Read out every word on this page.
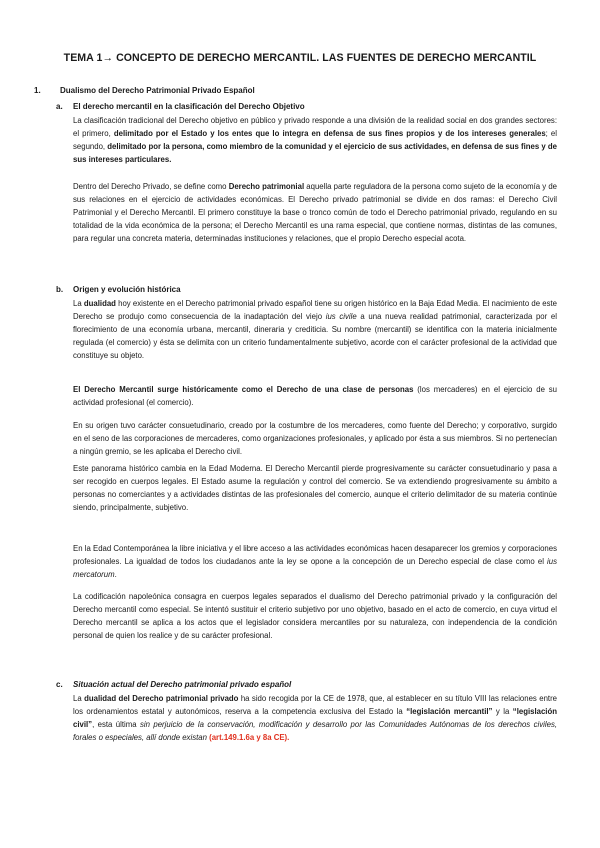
TEMA 1→ CONCEPTO DE DERECHO MERCANTIL. LAS FUENTES DE DERECHO MERCANTIL
1. Dualismo del Derecho Patrimonial Privado Español
a. El derecho mercantil en la clasificación del Derecho Objetivo

La clasificación tradicional del Derecho objetivo en público y privado responde a una división de la realidad social en dos grandes sectores: el primero, delimitado por el Estado y los entes que lo integra en defensa de sus fines propios y de los intereses generales; el segundo, delimitado por la persona, como miembro de la comunidad y el ejercicio de sus actividades, en defensa de sus fines y de sus intereses particulares.

Dentro del Derecho Privado, se define como Derecho patrimonial aquella parte reguladora de la persona como sujeto de la economía y de sus relaciones en el ejercicio de actividades económicas. El Derecho privado patrimonial se divide en dos ramas: el Derecho Civil Patrimonial y el Derecho Mercantil. El primero constituye la base o tronco común de todo el Derecho patrimonial privado, regulando en su totalidad de la vida económica de la persona; el Derecho Mercantil es una rama especial, que contiene normas, distintas de las comunes, para regular una concreta materia, determinadas instituciones y relaciones, que el propio Derecho especial acota.

b. Origen y evolución histórica

La dualidad hoy existente en el Derecho patrimonial privado español tiene su origen histórico en la Baja Edad Media. El nacimiento de este Derecho se produjo como consecuencia de la inadaptación del viejo ius civile a una nueva realidad patrimonial, caracterizada por el florecimiento de una economía urbana, mercantil, dineraria y crediticia. Su nombre (mercantil) se identifica con la materia inicialmente regulada (el comercio) y ésta se delimita con un criterio fundamentalmente subjetivo, acorde con el carácter profesional de la actividad que constituye su objeto.

El Derecho Mercantil surge históricamente como el Derecho de una clase de personas (los mercaderes) en el ejercicio de su actividad profesional (el comercio).

En su origen tuvo carácter consuetudinario, creado por la costumbre de los mercaderes, como fuente del Derecho; y corporativo, surgido en el seno de las corporaciones de mercaderes, como organizaciones profesionales, y aplicado por ésta a sus miembros. Si no pertenecían a ningún gremio, se les aplicaba el Derecho civil.

Este panorama histórico cambia en la Edad Moderna. El Derecho Mercantil pierde progresivamente su carácter consuetudinario y pasa a ser recogido en cuerpos legales. El Estado asume la regulación y control del comercio. Se va extendiendo progresivamente su ámbito a personas no comerciantes y a actividades distintas de las profesionales del comercio, aunque el criterio delimitador de su materia continúe siendo, principalmente, subjetivo.

En la Edad Contemporánea la libre iniciativa y el libre acceso a las actividades económicas hacen desaparecer los gremios y corporaciones profesionales. La igualdad de todos los ciudadanos ante la ley se opone a la concepción de un Derecho especial de clase como el ius mercatorum.

La codificación napoleónica consagra en cuerpos legales separados el dualismo del Derecho patrimonial privado y la configuración del Derecho mercantil como especial. Se intentó sustituir el criterio subjetivo por uno objetivo, basado en el acto de comercio, en cuya virtud el Derecho mercantil se aplica a los actos que el legislador considera mercantiles por su naturaleza, con independencia de la condición personal de quien los realice y de su carácter profesional.

c. Situación actual del Derecho patrimonial privado español

La dualidad del Derecho patrimonial privado ha sido recogida por la CE de 1978, que, al establecer en su título VIII las relaciones entre los ordenamientos estatal y autonómicos, reserva a la competencia exclusiva del Estado la “legislación mercantil” y la “legislación civil”, esta última sin perjuicio de la conservación, modificación y desarrollo por las Comunidades Autónomas de los derechos civiles, forales o especiales, allí donde existan (art.149.1.6a y 8a CE).
